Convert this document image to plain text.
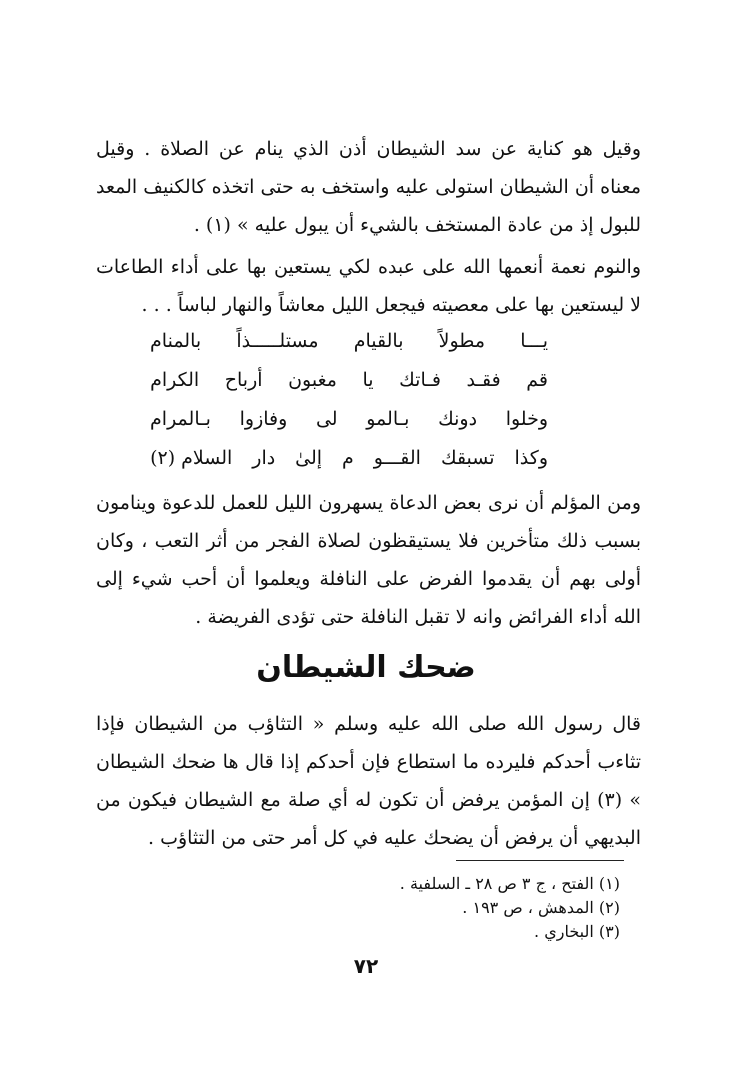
وقيل هو كناية عن سد الشيطان أذن الذي ينام عن الصلاة . وقيل معناه أن الشيطان استولى عليه واستخف به حتى اتخذه كالكنيف المعد للبول إذ من عادة المستخف بالشيء أن يبول عليه » (١) .

والنوم نعمة أنعمها الله على عبده لكي يستعين بها على أداء الطاعات لا ليستعين بها على معصيته فيجعل الليل معاشاً والنهار لباساً . . .

يـــا
مطولاً
بالقيام
مستلـــــذاً
بالمنام
قم
فقـد
فـاتك
يا
مغبون
أرباح
الكرام
وخلوا
دونك
بـالمو
لى
وفازوا
بـالمرام
وكذا
تسبقك
القـــو
م
إلىٰ
دار
السلام (٢)

ومن المؤلم أن نرى بعض الدعاة يسهرون الليل للعمل للدعوة وينامون بسبب ذلك متأخرين فلا يستيقظون لصلاة الفجر من أثر التعب ، وكان أولى بهم أن يقدموا الفرض على النافلة ويعلموا أن أحب شيء إلى الله أداء الفرائض وانه لا تقبل النافلة حتى تؤدى الفريضة .

ضحك الشيطان

قال رسول الله صلى الله عليه وسلم « التثاؤب من الشيطان فإذا تثاءب أحدكم فليرده ما استطاع فإن أحدكم إذا قال ها ضحك الشيطان » (٣) إن المؤمن يرفض أن تكون له أي صلة مع الشيطان فيكون من البديهي أن يرفض أن يضحك عليه في كل أمر حتى من التثاؤب .

(١) الفتح ، ج ٣ ص ٢٨ ـ السلفية .
(٢) المدهش ، ص ١٩٣ .
(٣) البخاري .
٧٢
